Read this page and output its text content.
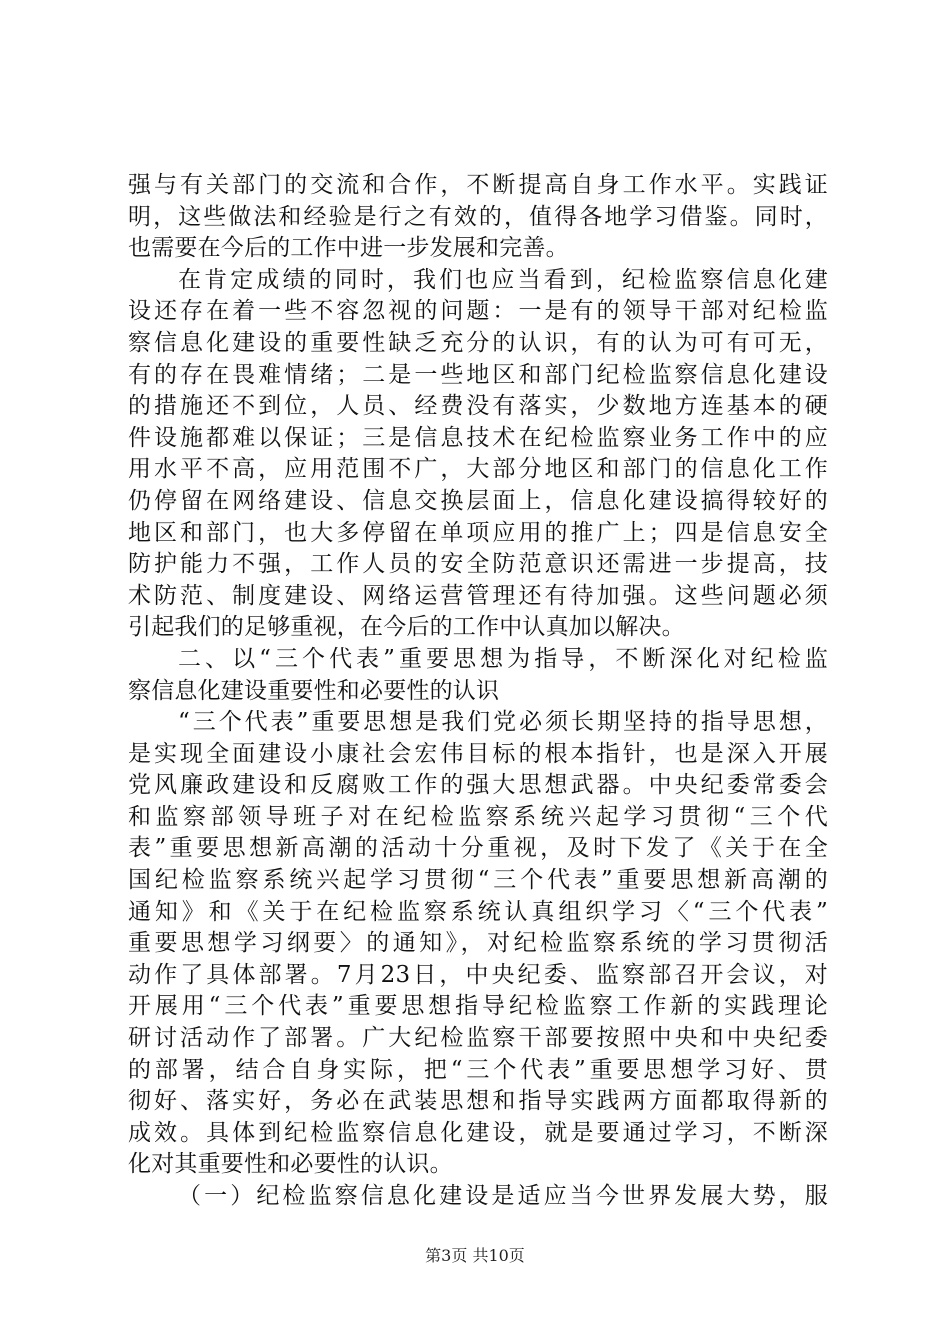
强与有关部门的交流和合作，不断提高自身工作水平。实践证
明，这些做法和经验是行之有效的，值得各地学习借鉴。同时，
也需要在今后的工作中进一步发展和完善。
在肯定成绩的同时，我们也应当看到，纪检监察信息化建
设还存在着一些不容忽视的问题：一是有的领导干部对纪检监
察信息化建设的重要性缺乏充分的认识，有的认为可有可无，
有的存在畏难情绪；二是一些地区和部门纪检监察信息化建设
的措施还不到位，人员、经费没有落实，少数地方连基本的硬
件设施都难以保证；三是信息技术在纪检监察业务工作中的应
用水平不高，应用范围不广，大部分地区和部门的信息化工作
仍停留在网络建设、信息交换层面上，信息化建设搞得较好的
地区和部门，也大多停留在单项应用的推广上；四是信息安全
防护能力不强，工作人员的安全防范意识还需进一步提高，技
术防范、制度建设、网络运营管理还有待加强。这些问题必须
引起我们的足够重视，在今后的工作中认真加以解决。
二、以“三个代表”重要思想为指导，不断深化对纪检监
察信息化建设重要性和必要性的认识
“三个代表”重要思想是我们党必须长期坚持的指导思想，
是实现全面建设小康社会宏伟目标的根本指针，也是深入开展
党风廉政建设和反腐败工作的强大思想武器。中央纪委常委会
和监察部领导班子对在纪检监察系统兴起学习贯彻“三个代
表”重要思想新高潮的活动十分重视，及时下发了《关于在全
国纪检监察系统兴起学习贯彻“三个代表”重要思想新高潮的
通知》和《关于在纪检监察系统认真组织学习〈“三个代表”
重要思想学习纲要〉的通知》，对纪检监察系统的学习贯彻活
动作了具体部署。7月23日，中央纪委、监察部召开会议，对
开展用“三个代表”重要思想指导纪检监察工作新的实践理论
研讨活动作了部署。广大纪检监察干部要按照中央和中央纪委
的部署，结合自身实际，把“三个代表”重要思想学习好、贯
彻好、落实好，务必在武装思想和指导实践两方面都取得新的
成效。具体到纪检监察信息化建设，就是要通过学习，不断深
化对其重要性和必要性的认识。
（一）纪检监察信息化建设是适应当今世界发展大势，服
第3页 共10页
